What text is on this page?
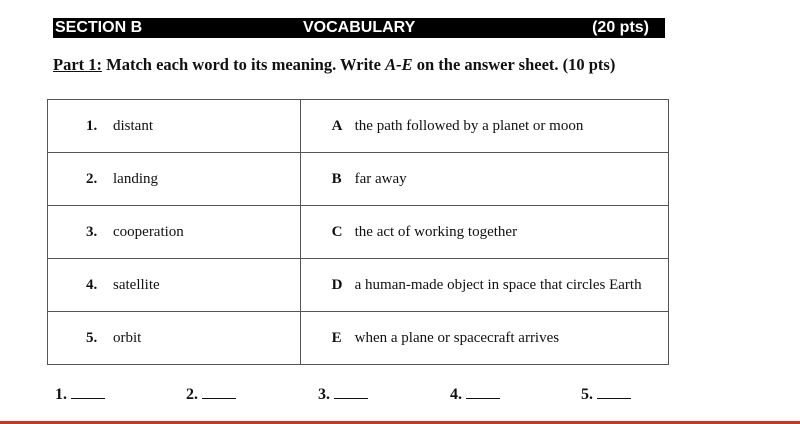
SECTION B	VOCABULARY	(20 pts)
Part 1: Match each word to its meaning. Write A-E on the answer sheet. (10 pts)
1. distant	A the path followed by a planet or moon
2. landing	B far away
3. cooperation	C the act of working together
4. satellite	D a human-made object in space that circles Earth
5. orbit	E when a plane or spacecraft arrives
1.	2.	3.	4.	5.
